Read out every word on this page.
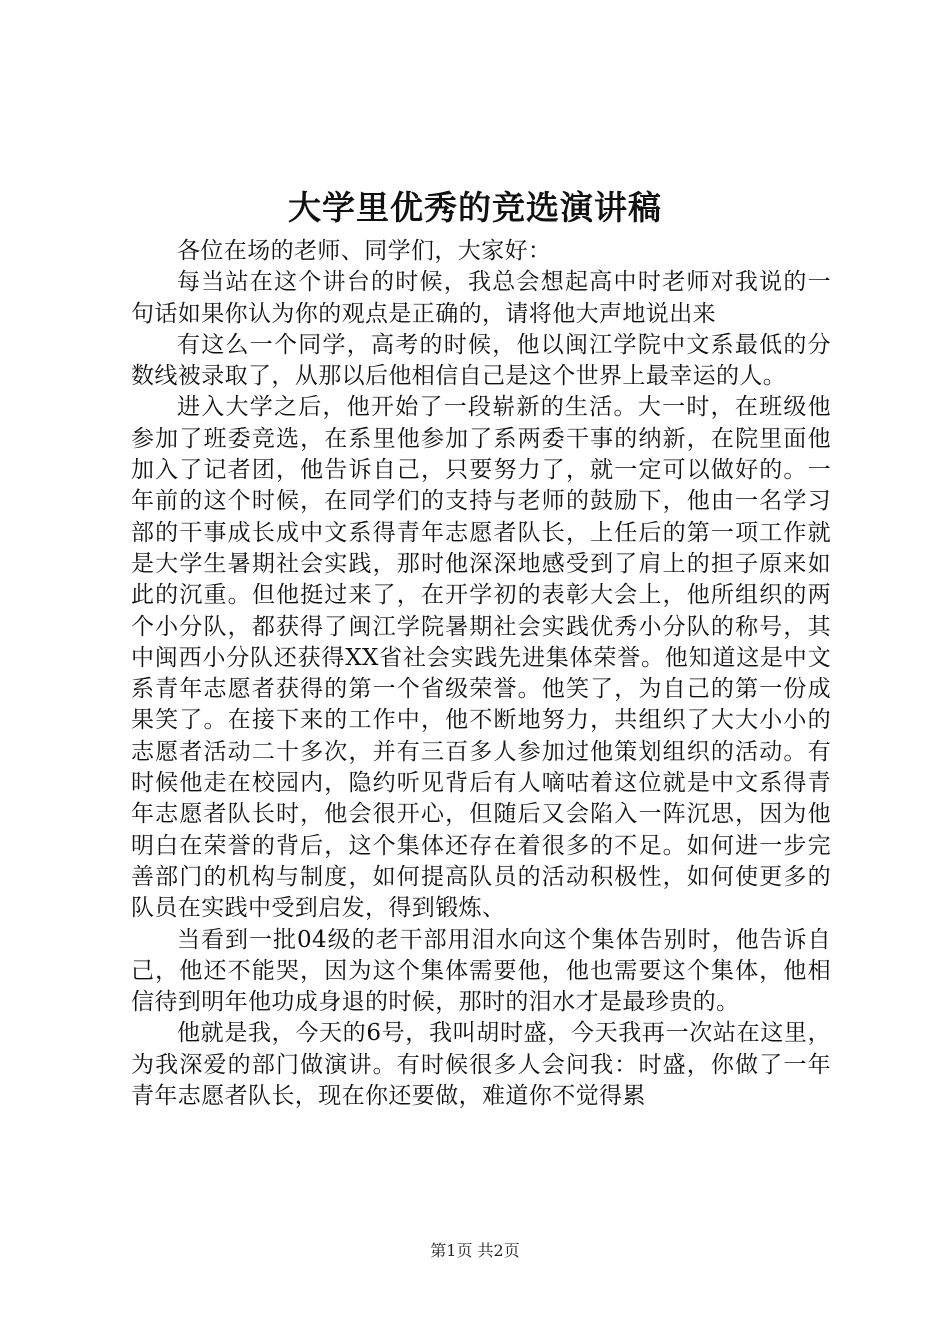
大学里优秀的竞选演讲稿

各位在场的老师、同学们，大家好：

每当站在这个讲台的时候，我总会想起高中时老师对我说的一句话如果你认为你的观点是正确的，请将他大声地说出来

有这么一个同学，高考的时候，他以闽江学院中文系最低的分数线被录取了，从那以后他相信自己是这个世界上最幸运的人。

进入大学之后，他开始了一段崭新的生活。大一时，在班级他参加了班委竞选，在系里他参加了系两委干事的纳新，在院里面他加入了记者团，他告诉自己，只要努力了，就一定可以做好的。一年前的这个时候，在同学们的支持与老师的鼓励下，他由一名学习部的干事成长成中文系得青年志愿者队长，上任后的第一项工作就是大学生暑期社会实践，那时他深深地感受到了肩上的担子原来如此的沉重。但他挺过来了，在开学初的表彰大会上，他所组织的两个小分队，都获得了闽江学院暑期社会实践优秀小分队的称号，其中闽西小分队还获得XX省社会实践先进集体荣誉。他知道这是中文系青年志愿者获得的第一个省级荣誉。他笑了，为自己的第一份成果笑了。在接下来的工作中，他不断地努力，共组织了大大小小的志愿者活动二十多次，并有三百多人参加过他策划组织的活动。有时候他走在校园内，隐约听见背后有人嘀咕着这位就是中文系得青年志愿者队长时，他会很开心，但随后又会陷入一阵沉思，因为他明白在荣誉的背后，这个集体还存在着很多的不足。如何进一步完善部门的机构与制度，如何提高队员的活动积极性，如何使更多的队员在实践中受到启发，得到锻炼、

当看到一批04级的老干部用泪水向这个集体告别时，他告诉自己，他还不能哭，因为这个集体需要他，他也需要这个集体，他相信待到明年他功成身退的时候，那时的泪水才是最珍贵的。

他就是我，今天的6号，我叫胡时盛，今天我再一次站在这里，为我深爱的部门做演讲。有时候很多人会问我：时盛，你做了一年青年志愿者队长，现在你还要做，难道你不觉得累

第1页 共2页
